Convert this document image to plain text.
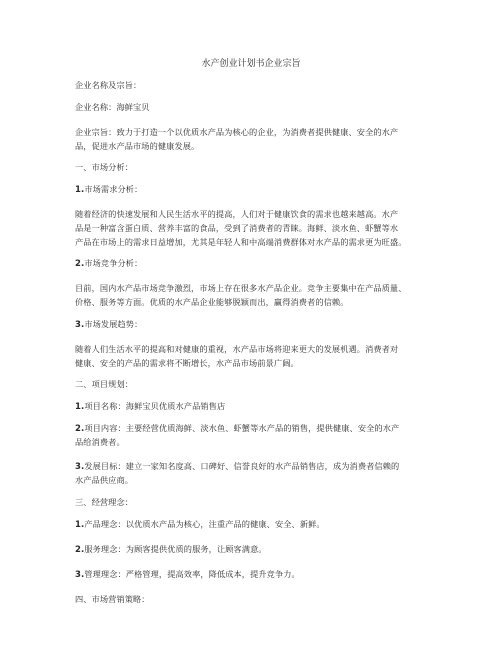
水产创业计划书企业宗旨
企业名称及宗旨：
企业名称：海鲜宝贝
企业宗旨：致力于打造一个以优质水产品为核心的企业，为消费者提供健康、安全的水产
品，促进水产品市场的健康发展。
一、市场分析：
1.市场需求分析：
随着经济的快速发展和人民生活水平的提高，人们对于健康饮食的需求也越来越高。水产
品是一种富含蛋白质、营养丰富的食品，受到了消费者的青睐。海鲜、淡水鱼、虾蟹等水
产品在市场上的需求日益增加，尤其是年轻人和中高端消费群体对水产品的需求更为旺盛。
2.市场竞争分析：
目前，国内水产品市场竞争激烈，市场上存在很多水产品企业。竞争主要集中在产品质量、
价格、服务等方面。优质的水产品企业能够脱颖而出，赢得消费者的信赖。
3.市场发展趋势：
随着人们生活水平的提高和对健康的重视，水产品市场将迎来更大的发展机遇。消费者对
健康、安全的产品的需求将不断增长，水产品市场前景广阔。
二、项目规划：
1.项目名称：海鲜宝贝优质水产品销售店
2.项目内容：主要经营优质海鲜、淡水鱼、虾蟹等水产品的销售，提供健康、安全的水产
品给消费者。
3.发展目标：建立一家知名度高、口碑好、信誉良好的水产品销售店，成为消费者信赖的
水产品供应商。
三、经营理念：
1.产品理念：以优质水产品为核心，注重产品的健康、安全、新鲜。
2.服务理念：为顾客提供优质的服务，让顾客满意。
3.管理理念：严格管理，提高效率，降低成本，提升竞争力。
四、市场营销策略：
